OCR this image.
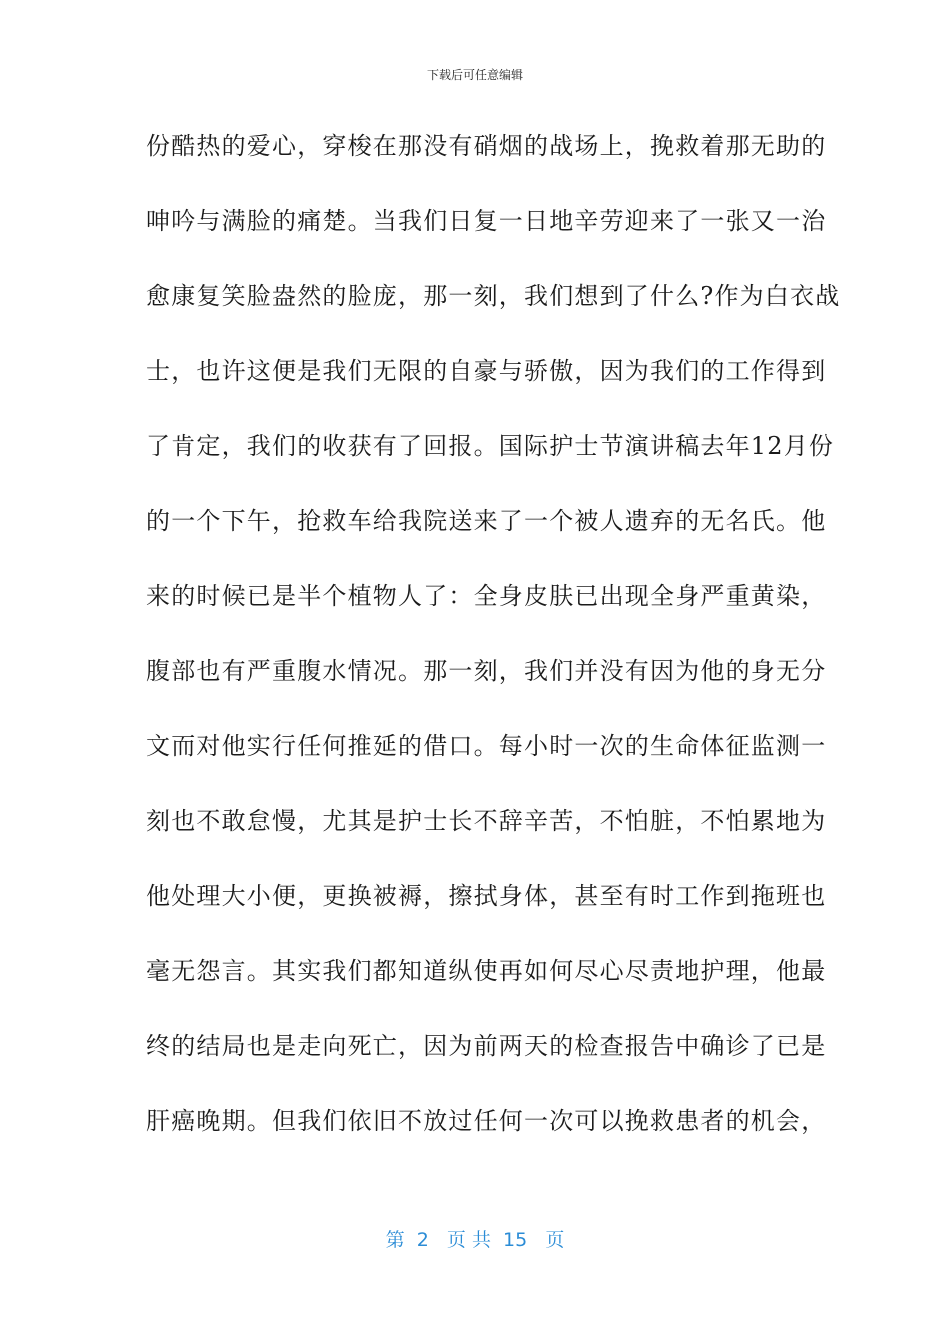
下载后可任意编辑
份酷热的爱心，穿梭在那没有硝烟的战场上，挽救着那无助的
呻吟与满脸的痛楚。当我们日复一日地辛劳迎来了一张又一治
愈康复笑脸盎然的脸庞，那一刻，我们想到了什么?作为白衣战
士，也许这便是我们无限的自豪与骄傲，因为我们的工作得到
了肯定，我们的收获有了回报。国际护士节演讲稿去年12月份
的一个下午，抢救车给我院送来了一个被人遗弃的无名氏。他
来的时候已是半个植物人了：全身皮肤已出现全身严重黄染，
腹部也有严重腹水情况。那一刻，我们并没有因为他的身无分
文而对他实行任何推延的借口。每小时一次的生命体征监测一
刻也不敢怠慢，尤其是护士长不辞辛苦，不怕脏，不怕累地为
他处理大小便，更换被褥，擦拭身体，甚至有时工作到拖班也
毫无怨言。其实我们都知道纵使再如何尽心尽责地护理，他最
终的结局也是走向死亡，因为前两天的检查报告中确诊了已是
肝癌晚期。但我们依旧不放过任何一次可以挽救患者的机会，
第  2   页 共  15   页
